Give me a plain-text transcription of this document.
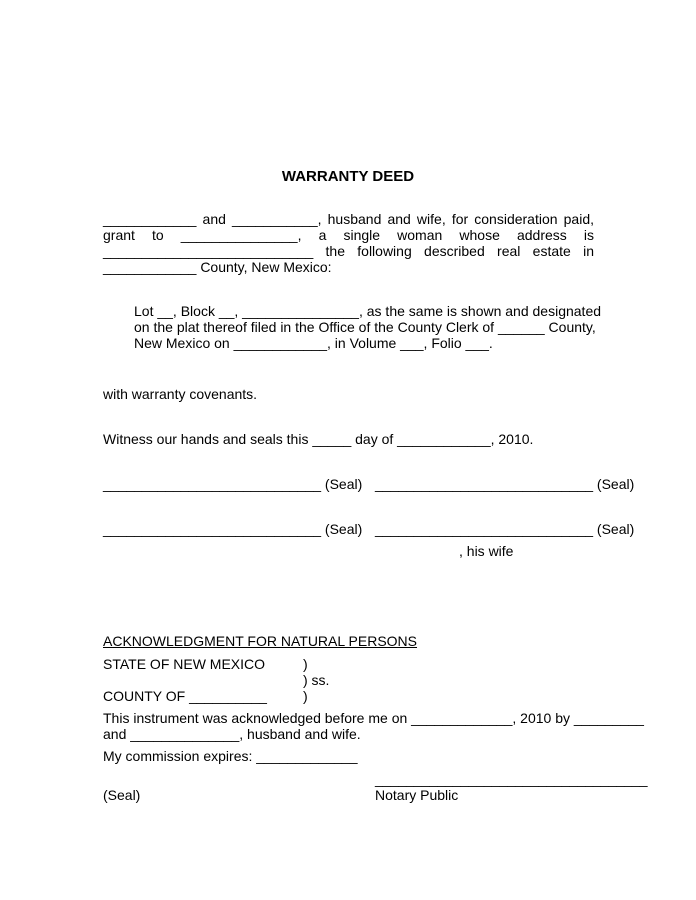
WARRANTY DEED
____________ and ___________, husband and wife, for consideration paid,
grant to _______________, a single woman whose address is
___________________________ the following described real estate in
____________ County, New Mexico:
Lot __, Block __, _______________, as the same is shown and designated
on the plat thereof filed in the Office of the County Clerk of ______ County,
New Mexico on ____________, in Volume ___, Folio ___.
with warranty covenants.
Witness our hands and seals this _____ day of ____________, 2010.
____________________________ (Seal) ____________________________ (Seal)
____________________________ (Seal) ____________________________ (Seal)
, his wife
ACKNOWLEDGMENT FOR NATURAL PERSONS
STATE OF NEW MEXICO	)
) ss.
COUNTY OF __________	)
This instrument was acknowledged before me on _____________, 2010 by _________
and ______________, husband and wife.
My commission expires: _____________
___________________________________
(Seal)	Notary Public
